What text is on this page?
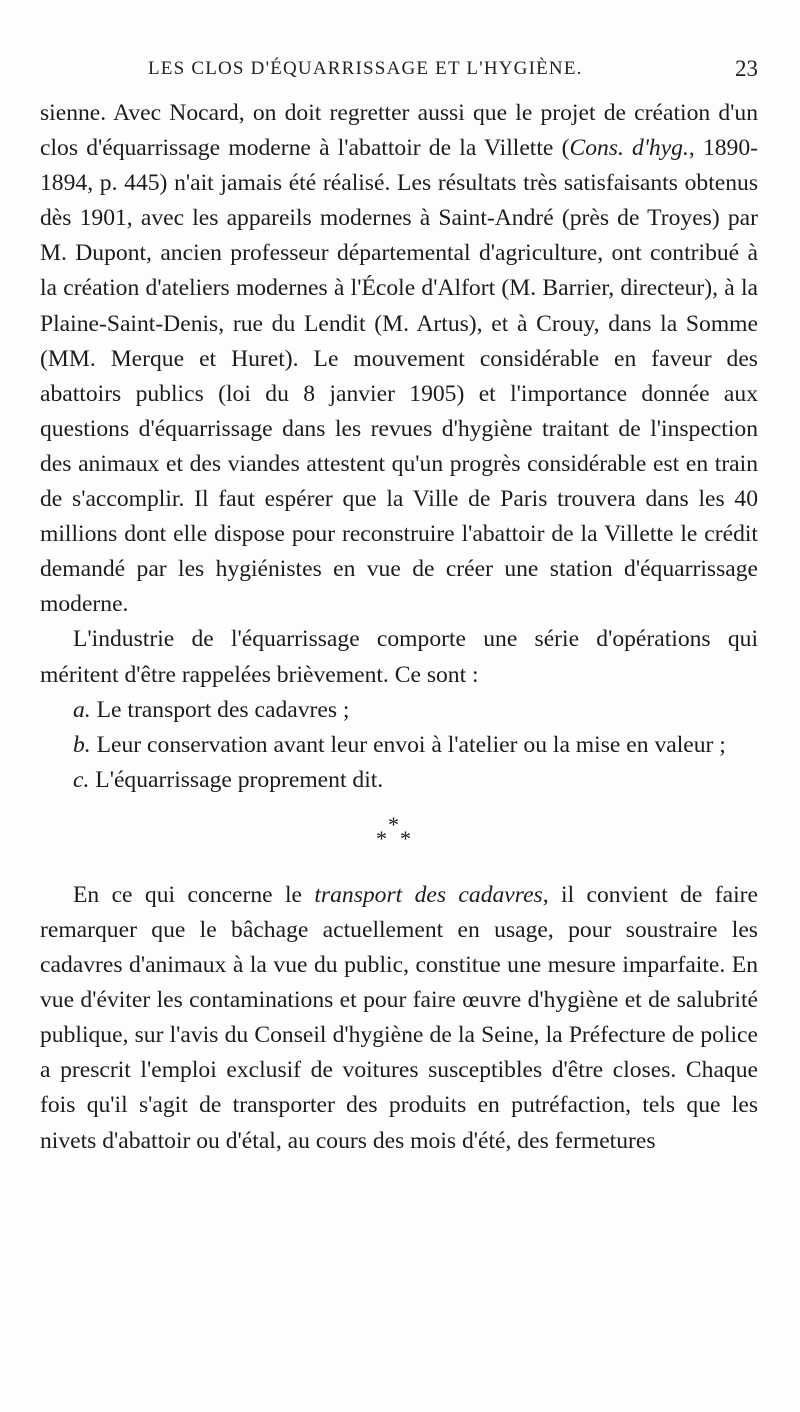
LES CLOS D'ÉQUARRISSAGE ET L'HYGIÈNE.	23

sienne. Avec Nocard, on doit regretter aussi que le projet de création d'un clos d'équarrissage moderne à l'abattoir de la Villette (Cons. d'hyg., 1890-1894, p. 445) n'ait jamais été réalisé. Les résultats très satisfaisants obtenus dès 1901, avec les appareils modernes à Saint-André (près de Troyes) par M. Dupont, ancien professeur départemental d'agriculture, ont contribué à la création d'ateliers modernes à l'École d'Alfort (M. Barrier, directeur), à la Plaine-Saint-Denis, rue du Lendit (M. Artus), et à Crouy, dans la Somme (MM. Merque et Huret). Le mouvement considérable en faveur des abattoirs publics (loi du 8 janvier 1905) et l'importance donnée aux questions d'équarrissage dans les revues d'hygiène traitant de l'inspection des animaux et des viandes attestent qu'un progrès considérable est en train de s'accomplir. Il faut espérer que la Ville de Paris trouvera dans les 40 millions dont elle dispose pour reconstruire l'abattoir de la Villette le crédit demandé par les hygiénistes en vue de créer une station d'équarrissage moderne.

L'industrie de l'équarrissage comporte une série d'opérations qui méritent d'être rappelées brièvement. Ce sont :

a. Le transport des cadavres ;

b. Leur conservation avant leur envoi à l'atelier ou la mise en valeur ;

c. L'équarrissage proprement dit.

*
* *

En ce qui concerne le transport des cadavres, il convient de faire remarquer que le bâchage actuellement en usage, pour soustraire les cadavres d'animaux à la vue du public, constitue une mesure imparfaite. En vue d'éviter les contaminations et pour faire œuvre d'hygiène et de salubrité publique, sur l'avis du Conseil d'hygiène de la Seine, la Préfecture de police a prescrit l'emploi exclusif de voitures susceptibles d'être closes. Chaque fois qu'il s'agit de transporter des produits en putréfaction, tels que les nivets d'abattoir ou d'étal, au cours des mois d'été, des fermetures
